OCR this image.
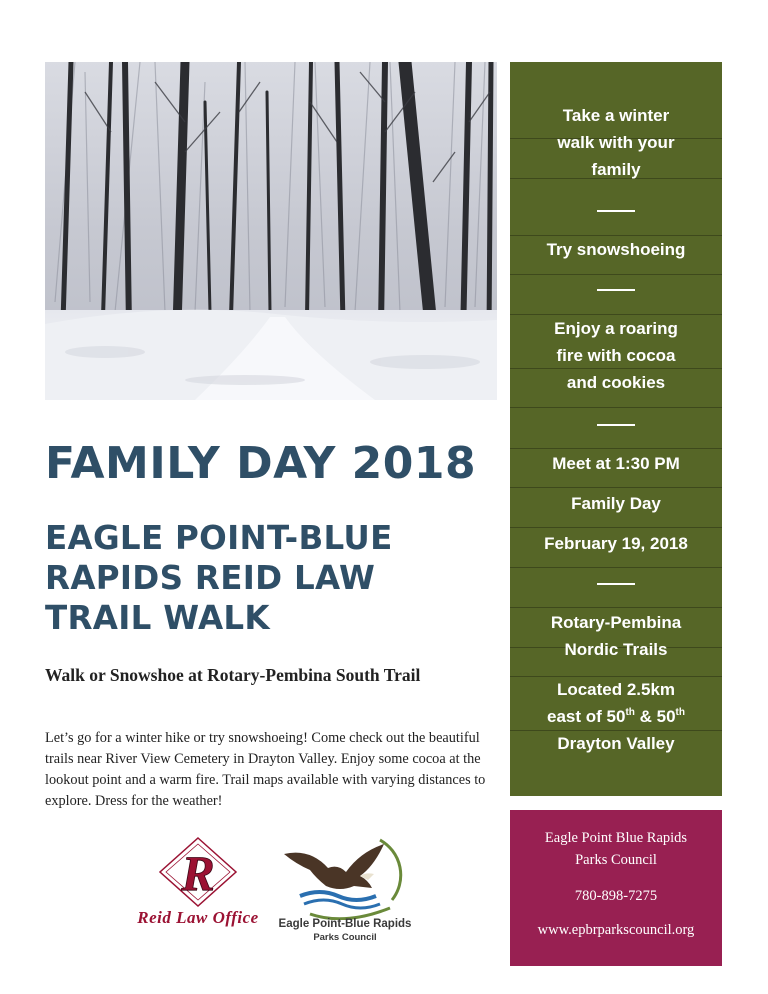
FAMILY DAY 2018
EAGLE POINT-BLUE RAPIDS REID LAW TRAIL WALK
Walk or Snowshoe at Rotary-Pembina South Trail
Let’s go for a winter hike or try snowshoeing! Come check out the beautiful trails near River View Cemetery in Drayton Valley. Enjoy some cocoa at the lookout point and a warm fire. Trail maps available with varying distances to explore. Dress for the weather!
Take a winter
walk with your
family
Try snowshoeing
Enjoy a roaring
fire with cocoa
and cookies
Meet at 1:30 PM
Family Day
February 19, 2018
Rotary-Pembina
Nordic Trails
Located 2.5km
east of 50th & 50th
Drayton Valley
Eagle Point Blue Rapids
Parks Council
780-898-7275
www.epbrparkscouncil.org
R
Reid Law Office	Eagle Point-Blue Rapids
Parks Council
